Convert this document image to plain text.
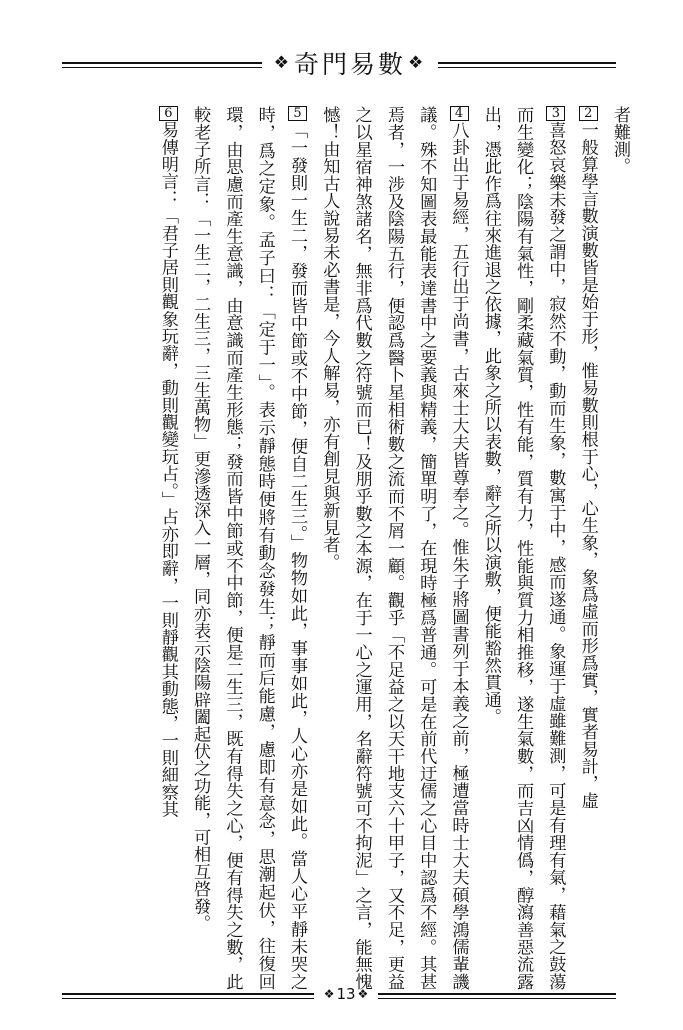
❖ 奇門易數 ❖

者難測。

2一般算學言數演數皆是始于形，惟易數則根于心，心生象，象爲虛而形爲實，實者易計，虛

3喜怒哀樂未發之謂中，寂然不動，動而生象，數寓于中，感而遂通。象運于虛雖難測，可是有理有氣，藉氣之鼓蕩而生變化；陰陽有氣性，剛柔藏氣質，性有能，質有力，性能與質力相推移，遂生氣數，而吉凶情僞，醇瀉善惡流露出，憑此作爲往來進退之依據，此象之所以表數，辭之所以演敷，便能豁然貫通。

4八卦出于易經，五行出于尚書，古來士大夫皆尊奉之。惟朱子將圖書列于本義之前，極遭當時士大夫碩學鴻儒輩譏議。殊不知圖表最能表達書中之要義與精義，簡單明了，在現時極爲普通。可是在前代迂儒之心目中認爲不經。其甚焉者，一涉及陰陽五行，便認爲醫卜星相術數之流而不屑一顧。觀乎「不足益之以天干地支六十甲子，又不足，更益之以星宿神煞諸名，無非爲代數之符號而已！及朋乎數之本源，在于一心之運用，名辭符號可不拘泥」之言，能無愧憾！由知古人說易未必書是，今人解易，亦有創見與新見者。

5「一發則一生二，發而皆中節或不中節，便自二生三。」物物如此，事事如此，人心亦是如此。當人心平靜未哭之時，爲之定象。孟子曰：「定于一」。表示靜態時便將有動念發生；靜而后能慮，慮即有意念，思潮起伏，往復回環，由思慮而產生意識，由意識而產生形態；發而皆中節或不中節，便是二生三，既有得失之心，便有得失之數，此較老子所言：「一生二，二生三，三生萬物」更滲透深入一層，同亦表示陰陽辟闔起伏之功能，可相互啓發。

6易傳明言：「君子居則觀象玩辭，動則觀變玩占。」占亦即辭，一則靜觀其動態，一則細察其

❖ 13 ❖
